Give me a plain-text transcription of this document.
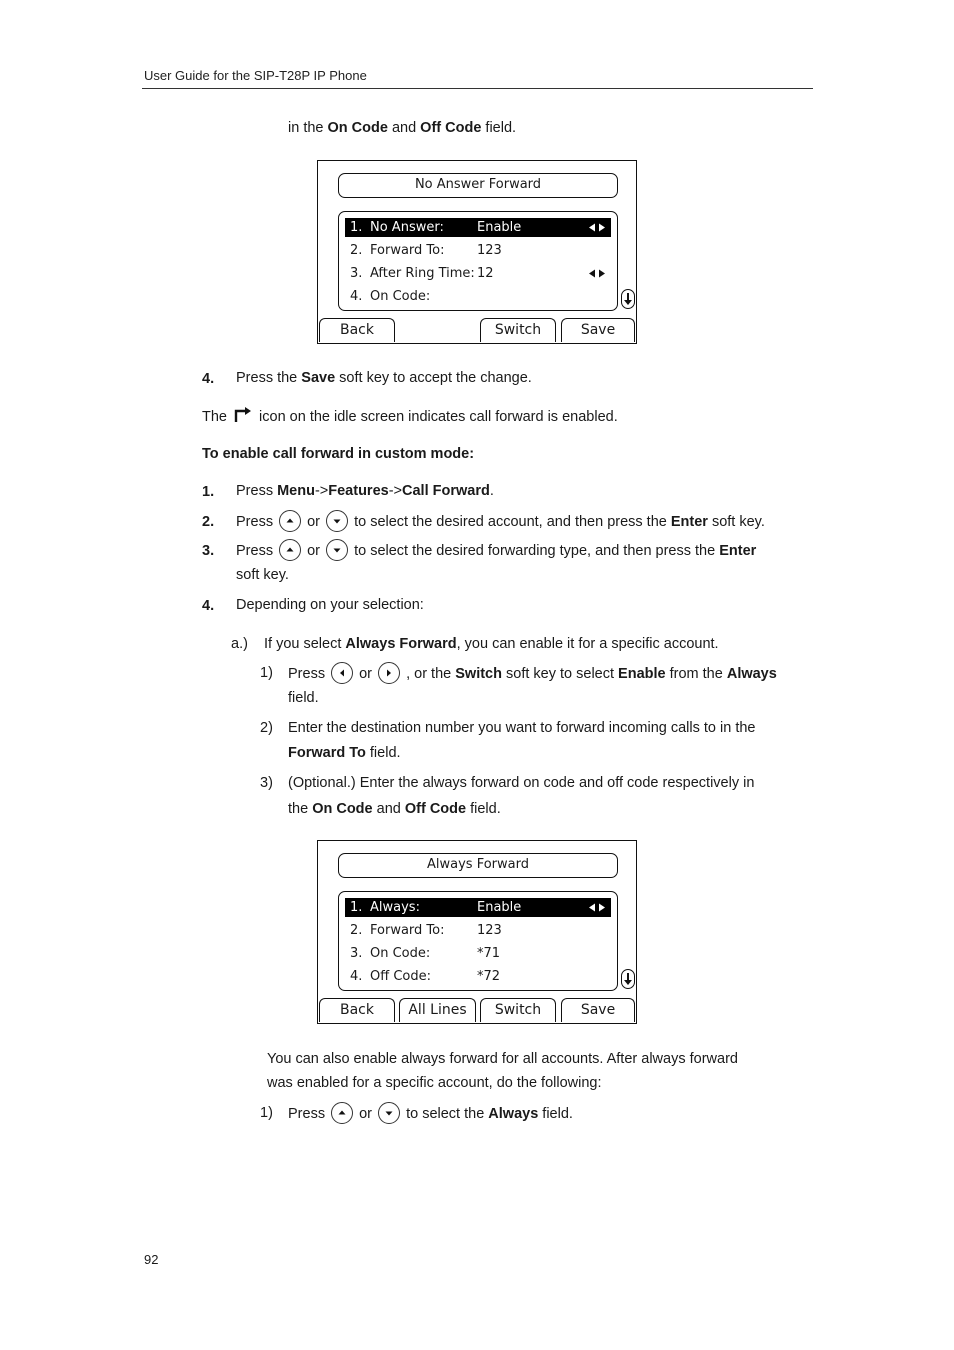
User Guide for the SIP-T28P IP Phone
in the On Code and Off Code field.
No Answer Forward
1. No Answer:	Enable
2. Forward To:	123
3. After Ring Time: 12
4. On Code:
Back	Switch	Save
4. Press the Save soft key to accept the change.
The  icon on the idle screen indicates call forward is enabled.
To enable call forward in custom mode:
1. Press Menu->Features->Call Forward.
2. Press
or
to select the desired account, and then press the Enter soft key.
3. Press
or
to select the desired forwarding type, and then press the Enter
soft key.
4. Depending on your selection:
a.) If you select Always Forward, you can enable it for a specific account.
1) Press
or
, or the Switch soft key to select Enable from the Always
field.
2) Enter the destination number you want to forward incoming calls to in the
Forward To field.
3) (Optional.) Enter the always forward on code and off code respectively in
the On Code and Off Code field.
Always Forward
1. Always:	Enable
2. Forward To:	123
3. On Code:	*71
4. Off Code:	*72
Back	All Lines	Switch	Save
You can also enable always forward for all accounts. After always forward
was enabled for a specific account, do the following:
1) Press
or
to select the Always field.
92
